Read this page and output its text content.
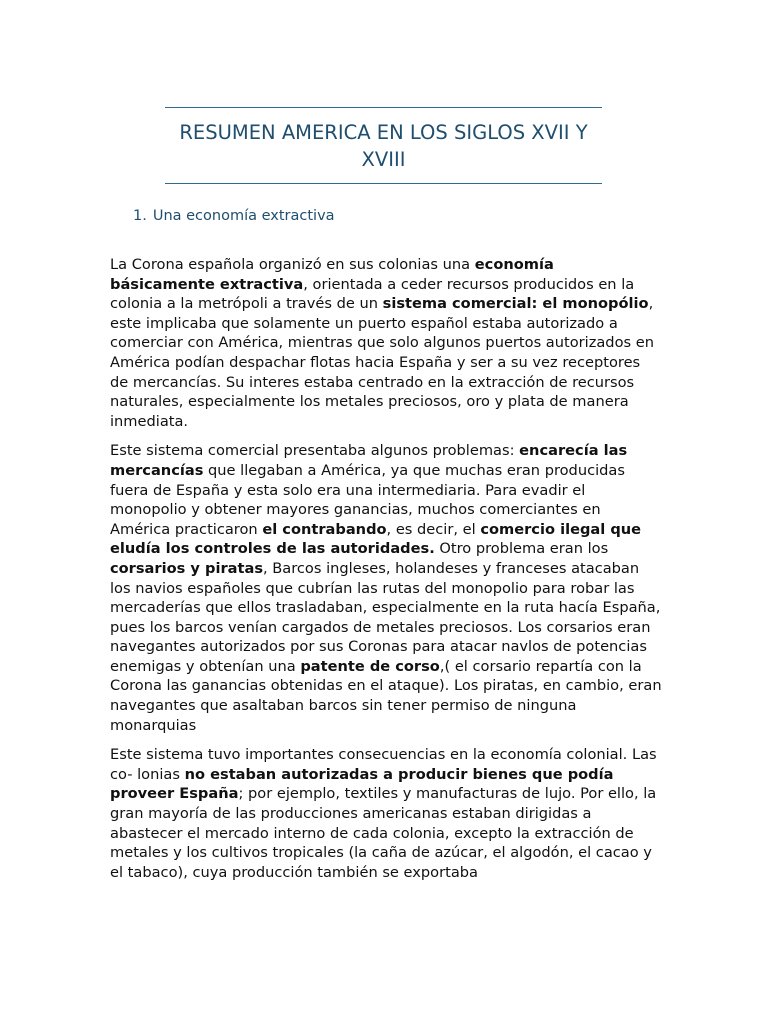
RESUMEN AMERICA EN LOS SIGLOS XVII Y XVIII
1. Una economía extractiva

La Corona española organizó en sus colonias una economía básicamente extractiva, orientada a ceder recursos producidos en la colonia a la metrópoli a través de un sistema comercial: el monopólio, este implicaba que solamente un puerto español estaba autorizado a comerciar con América, mientras que solo algunos puertos autorizados en América podían despachar flotas hacia España y ser a su vez receptores de mercancías. Su interes estaba centrado en la extracción de recursos naturales, especialmente los metales preciosos, oro y plata de manera inmediata.

Este sistema comercial presentaba algunos problemas: encarecía las mercancías que llegaban a América, ya que muchas eran producidas fuera de España y esta solo era una intermediaria. Para evadir el monopolio y obtener mayores ganancias, muchos comerciantes en América practicaron el contrabando, es decir, el comercio ilegal que eludía los controles de las autoridades. Otro problema eran los corsarios y piratas, Barcos ingleses, holandeses y franceses atacaban los navios españoles que cubrían las rutas del monopolio para robar las mercaderías que ellos trasladaban, especialmente en la ruta hacía España, pues los barcos venían cargados de metales preciosos. Los corsarios eran navegantes autorizados por sus Coronas para atacar navlos de potencias enemigas y obtenían una patente de corso,( el corsario repartía con la Corona las ganancias obtenidas en el ataque). Los piratas, en cambio, eran navegantes que asaltaban barcos sin tener permiso de ninguna monarquias

Este sistema tuvo importantes consecuencias en la economía colonial. Las co- lonias no estaban autorizadas a producir bienes que podía proveer España; por ejemplo, textiles y manufacturas de lujo. Por ello, la gran mayoría de las producciones americanas estaban dirigidas a abastecer el mercado interno de cada colonia, excepto la extracción de metales y los cultivos tropicales (la caña de azúcar, el algodón, el cacao y el tabaco), cuya producción también se exportaba
